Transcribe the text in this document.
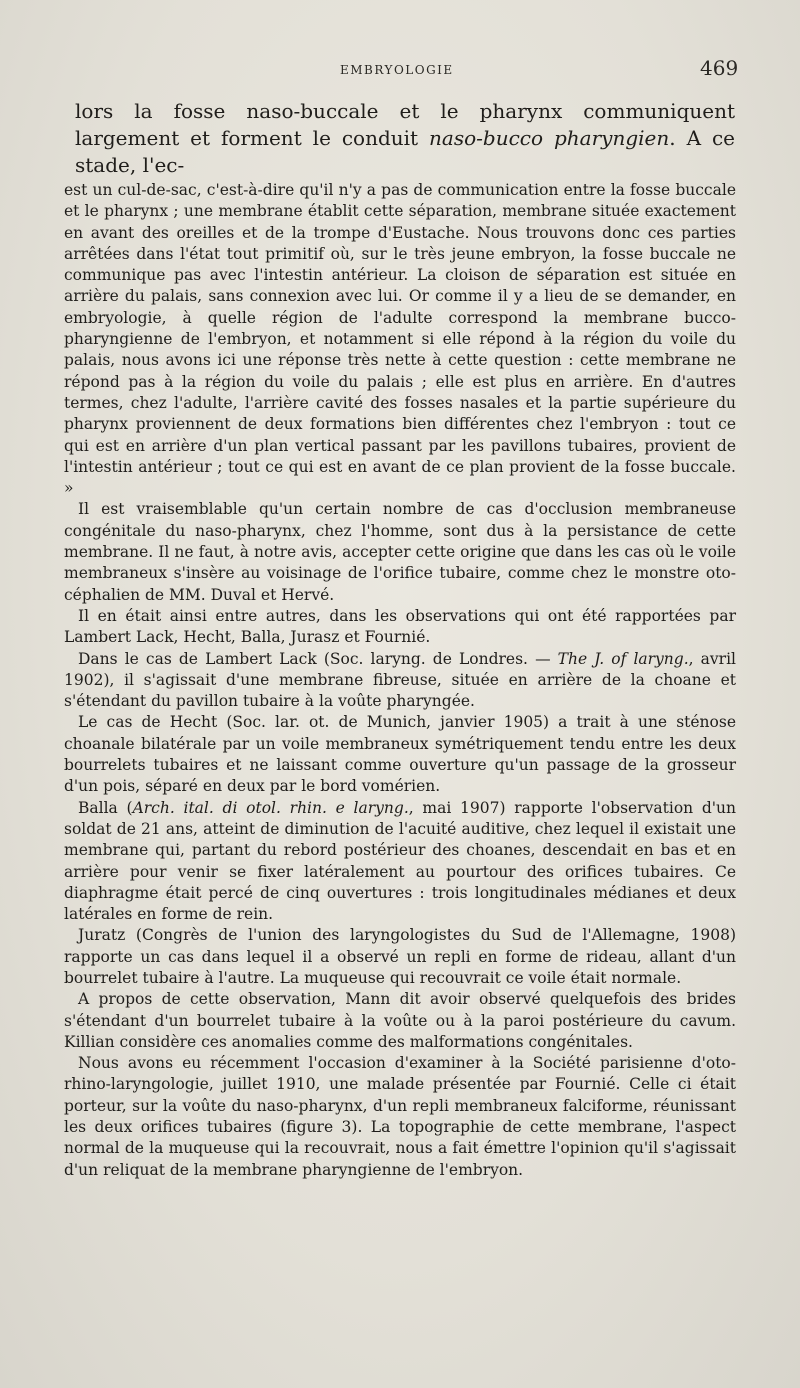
EMBRYOLOGIE	469
lors la fosse naso-buccale et le pharynx communiquent largement et forment le conduit naso-bucco pharyngien. A ce stade, l'ec-

est un cul-de-sac, c'est-à-dire qu'il n'y a pas de communication entre la fosse buccale et le pharynx ; une membrane établit cette séparation, membrane située exactement en avant des oreilles et de la trompe d'Eustache. Nous trouvons donc ces parties arrêtées dans l'état tout primitif où, sur le très jeune embryon, la fosse buccale ne communique pas avec l'intestin antérieur. La cloison de séparation est située en arrière du palais, sans connexion avec lui. Or comme il y a lieu de se demander, en embryologie, à quelle région de l'adulte correspond la membrane bucco-pharyngienne de l'embryon, et notamment si elle répond à la région du voile du palais, nous avons ici une réponse très nette à cette question : cette membrane ne répond pas à la région du voile du palais ; elle est plus en arrière. En d'autres termes, chez l'adulte, l'arrière cavité des fosses nasales et la partie supérieure du pharynx proviennent de deux formations bien différentes chez l'embryon : tout ce qui est en arrière d'un plan vertical passant par les pavillons tubaires, provient de l'intestin antérieur ; tout ce qui est en avant de ce plan provient de la fosse buccale. »

Il est vraisemblable qu'un certain nombre de cas d'occlusion membraneuse congénitale du naso-pharynx, chez l'homme, sont dus à la persistance de cette membrane. Il ne faut, à notre avis, accepter cette origine que dans les cas où le voile membraneux s'insère au voisinage de l'orifice tubaire, comme chez le monstre oto-céphalien de MM. Duval et Hervé.

Il en était ainsi entre autres, dans les observations qui ont été rapportées par Lambert Lack, Hecht, Balla, Jurasz et Fournié.

Dans le cas de Lambert Lack (Soc. laryng. de Londres. — The J. of laryng., avril 1902), il s'agissait d'une membrane fibreuse, située en arrière de la choane et s'étendant du pavillon tubaire à la voûte pharyngée.

Le cas de Hecht (Soc. lar. ot. de Munich, janvier 1905) a trait à une sténose choanale bilatérale par un voile membraneux symétriquement tendu entre les deux bourrelets tubaires et ne laissant comme ouverture qu'un passage de la grosseur d'un pois, séparé en deux par le bord vomérien.

Balla (Arch. ital. di otol. rhin. e laryng., mai 1907) rapporte l'observation d'un soldat de 21 ans, atteint de diminution de l'acuité auditive, chez lequel il existait une membrane qui, partant du rebord postérieur des choanes, descendait en bas et en arrière pour venir se fixer latéralement au pourtour des orifices tubaires. Ce diaphragme était percé de cinq ouvertures : trois longitudinales médianes et deux latérales en forme de rein.

Juratz (Congrès de l'union des laryngologistes du Sud de l'Allemagne, 1908) rapporte un cas dans lequel il a observé un repli en forme de rideau, allant d'un bourrelet tubaire à l'autre. La muqueuse qui recouvrait ce voile était normale.

A propos de cette observation, Mann dit avoir observé quelquefois des brides s'étendant d'un bourrelet tubaire à la voûte ou à la paroi postérieure du cavum. Killian considère ces anomalies comme des malformations congénitales.

Nous avons eu récemment l'occasion d'examiner à la Société parisienne d'oto-rhino-laryngologie, juillet 1910, une malade présentée par Fournié. Celle ci était porteur, sur la voûte du naso-pharynx, d'un repli membraneux falciforme, réunissant les deux orifices tubaires (figure 3). La topographie de cette membrane, l'aspect normal de la muqueuse qui la recouvrait, nous a fait émettre l'opinion qu'il s'agissait d'un reliquat de la membrane pharyngienne de l'embryon.
